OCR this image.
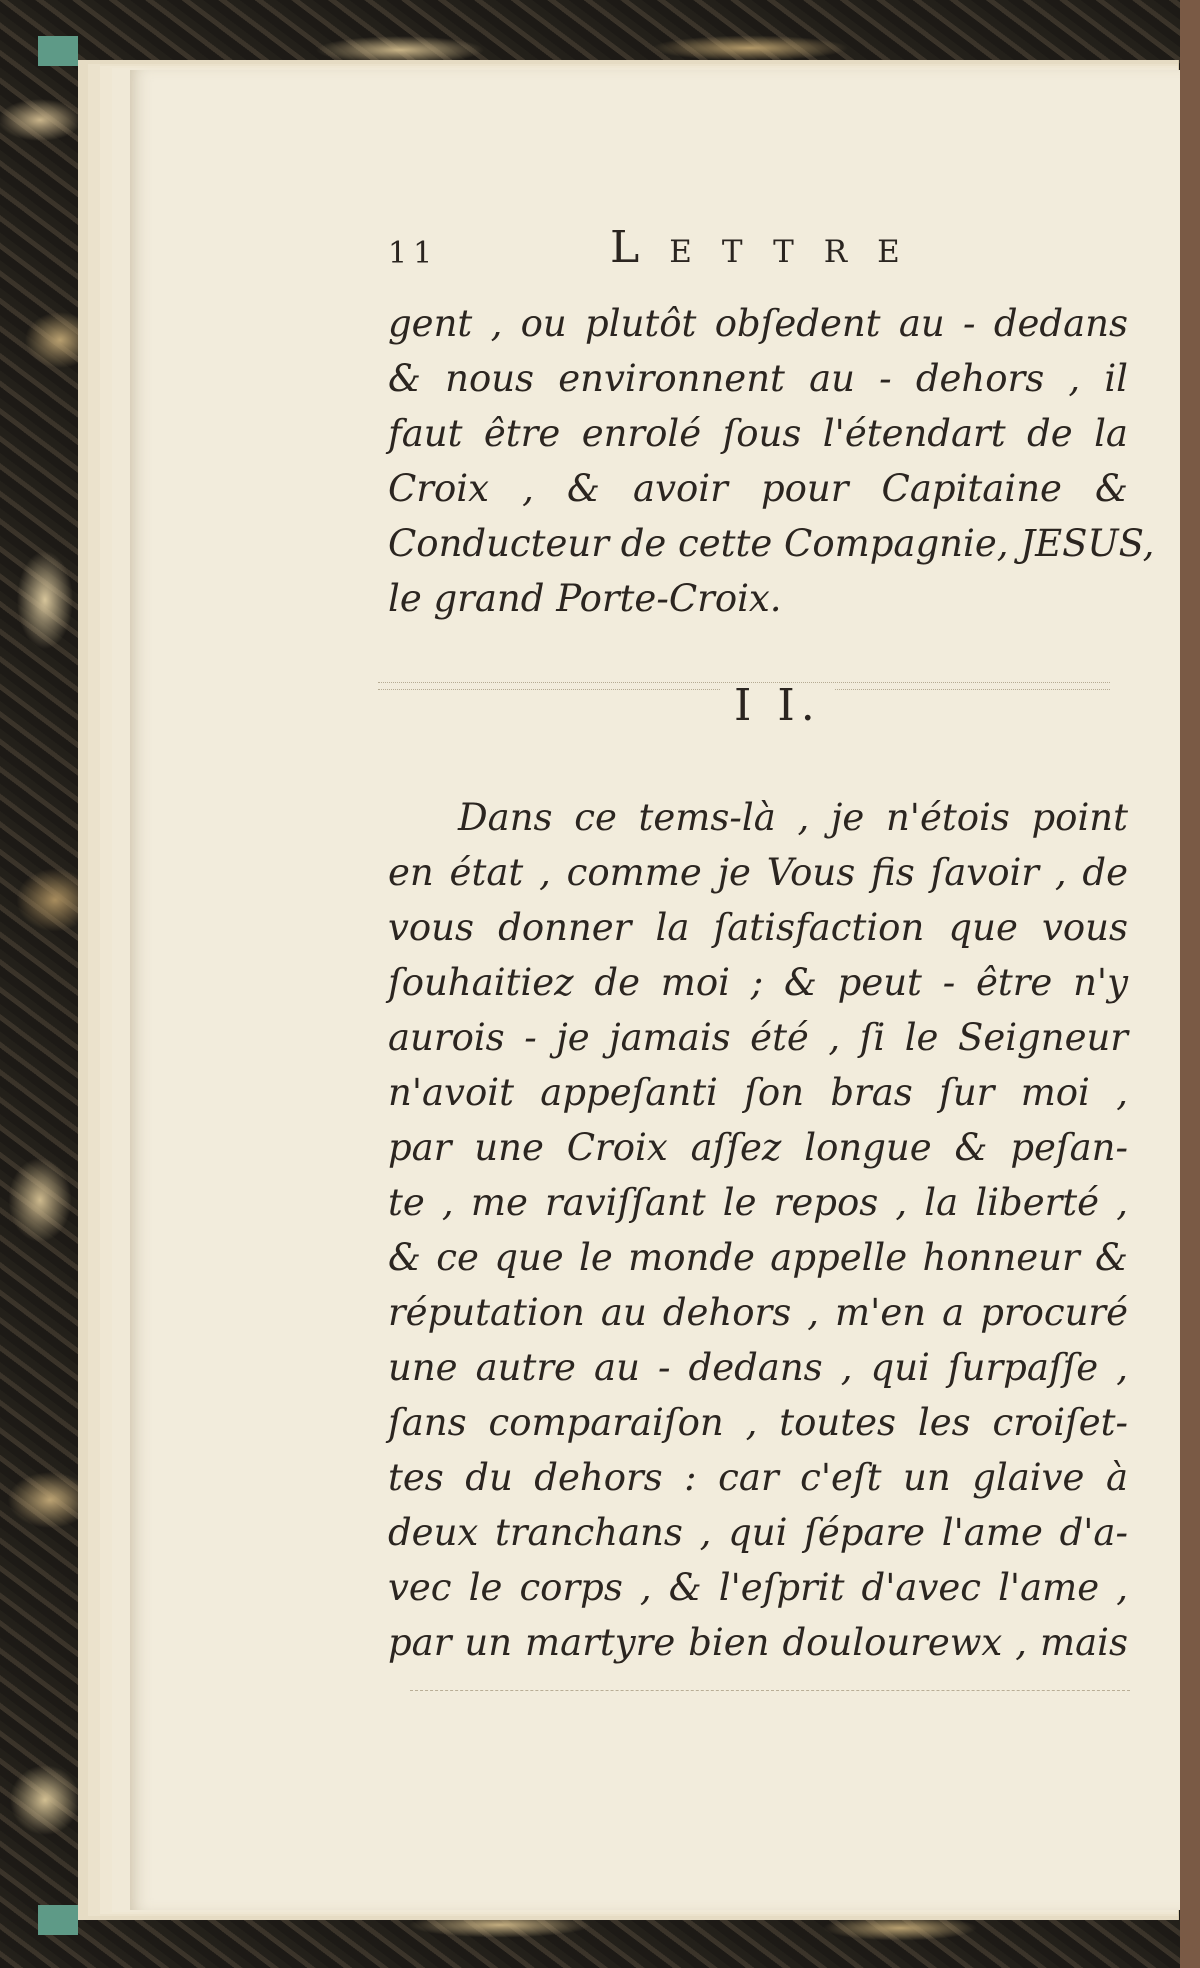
11	Lettre
gent , ou plutôt obſedent au - dedans
& nous environnent au - dehors , il
faut être enrolé ſous l'étendart de la
Croix , & avoir pour Capitaine &
Conducteur de cette Compagnie, JESUS,
le grand Porte-Croix.
I I.
Dans ce tems-là , je n'étois point
en état , comme je Vous fis ſavoir , de
vous donner la ſatisfaction que vous
ſouhaitiez de moi ; & peut - être n'y
aurois - je jamais été , ſi le Seigneur
n'avoit appeſanti ſon bras ſur moi ,
par une Croix aſſez longue & peſan-
te , me raviſſant le repos , la liberté ,
& ce que le monde appelle honneur &
réputation au dehors , m'en a procuré
une autre au - dedans , qui ſurpaſſe ,
ſans comparaiſon , toutes les croiſet-
tes du dehors : car c'eſt un glaive à
deux tranchans , qui ſépare l'ame d'a-
vec le corps , & l'eſprit d'avec l'ame ,
par un martyre bien doulourewx , mais
